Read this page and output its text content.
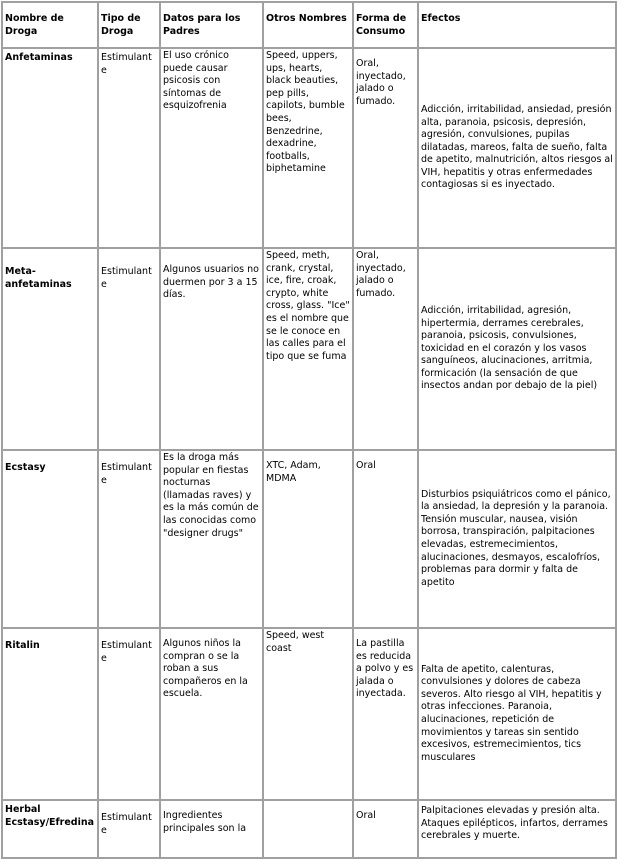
Nombre de Droga	Tipo de Droga	Datos para los Padres	Otros Nombres	Forma de Consumo	Efectos
Anfetaminas	Estimulante	El uso crónico puede causar psicosis con síntomas de esquizofrenia	Speed, uppers, ups, hearts, black beauties, pep pills, capilots, bumble bees, Benzedrine, dexadrine, footballs, biphetamine	Oral, inyectado, jalado o fumado.	Adicción, irritabilidad, ansiedad, presión alta, paranoia, psicosis, depresión, agresión, convulsiones, pupilas dilatadas, mareos, falta de sueño, falta de apetito, malnutrición, altos riesgos al VIH, hepatitis y otras enfermedades contagiosas si es inyectado.

Meta-anfetaminas	Estimulante	Algunos usuarios no duermen por 3 a 15 días.	Speed, meth, crank, crystal, ice, fire, croak, crypto, white cross, glass. "Ice" es el nombre que se le conoce en las calles para el tipo que se fuma	Oral, inyectado, jalado o fumado.	Adicción, irritabilidad, agresión, hipertermia, derrames cerebrales, paranoia, psicosis, convulsiones, toxicidad en el corazón y los vasos sanguíneos, alucinaciones, arritmia, formicación (la sensación de que insectos andan por debajo de la piel)

Ecstasy	Estimulante	Es la droga más popular en fiestas nocturnas (llamadas raves) y es la más común de las conocidas como "designer drugs"	XTC, Adam, MDMA	Oral	Disturbios psiquiátricos como el pánico, la ansiedad, la depresión y la paranoia. Tensión muscular, nausea, visión borrosa, transpiración, palpitaciones elevadas, estremecimientos, alucinaciones, desmayos, escalofríos, problemas para dormir y falta de apetito

Ritalin	Estimulante	Algunos niños la compran o se la roban a sus compañeros en la escuela.	Speed, west coast	La pastilla es reducida a polvo y es jalada o inyectada.	Falta de apetito, calenturas, convulsiones y dolores de cabeza severos. Alto riesgo al VIH, hepatitis y otras infecciones. Paranoia, alucinaciones, repetición de movimientos y tareas sin sentido excesivos, estremecimientos, tics musculares
Herbal Ecstasy/Efredina	Estimulante	Ingredientes principales son la		Oral	Palpitaciones elevadas y presión alta. Ataques epilépticos, infartos, derrames cerebrales y muerte.
